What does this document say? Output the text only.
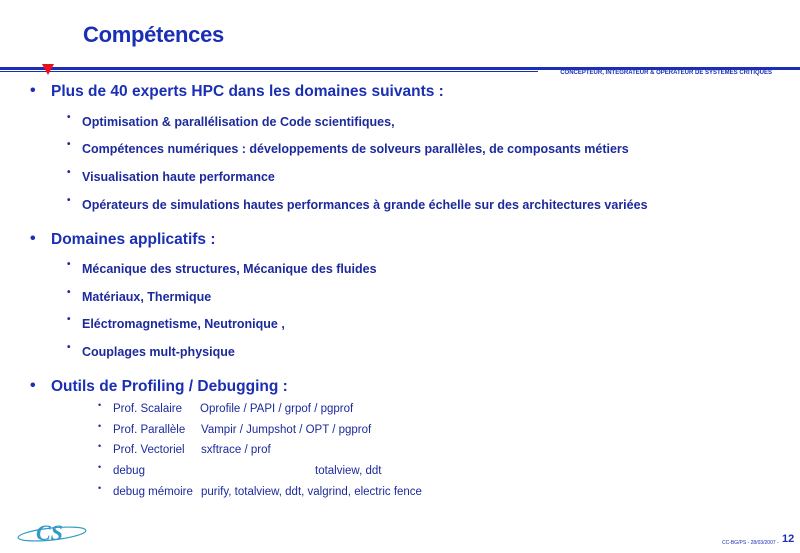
Compétences
CONCEPTEUR, INTEGRATEUR & OPERATEUR DE SYSTEMES CRITIQUES
• Plus de 40 experts HPC dans les domaines suivants :
• Optimisation & parallélisation de Code scientifiques,
• Compétences numériques : développements de solveurs parallèles, de composants métiers
• Visualisation haute performance
• Opérateurs de simulations hautes performances à grande échelle sur des architectures variées
• Domaines applicatifs :
• Mécanique des structures, Mécanique des fluides
• Matériaux, Thermique
• Eléctromagnetisme, Neutronique ,
• Couplages mult-physique
• Outils de Profiling / Debugging :
• Prof. Scalaire Oprofile / PAPI / grpof / pgprof
• Prof. Parallèle Vampir / Jumpshot / OPT / pgprof
• Prof. Vectoriel sxftrace / prof
• debug	totalview, ddt
• debug mémoire purify, totalview, ddt, valgrind, electric fence
CS	CC-BG/PS - 28/03/2007 - 12
